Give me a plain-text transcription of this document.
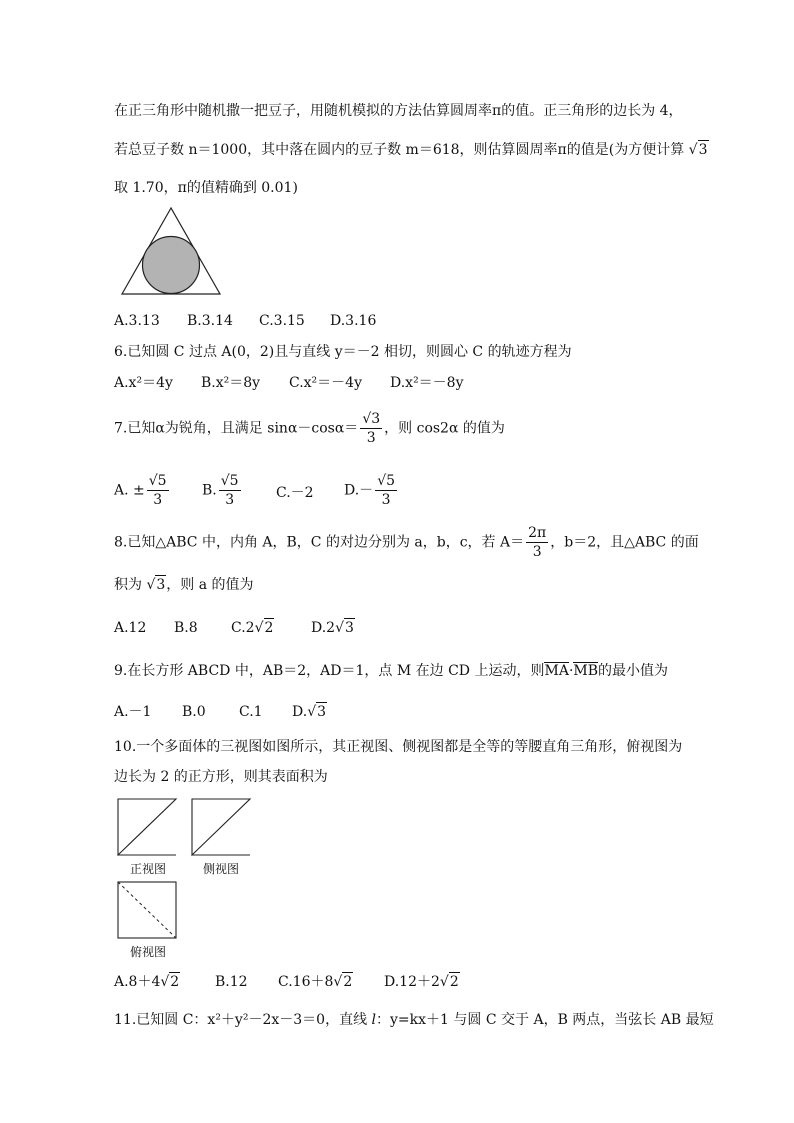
在正三角形中随机撒一把豆子，用随机模拟的方法估算圆周率π的值。正三角形的边长为 4，
若总豆子数 n＝1000，其中落在圆内的豆子数 m＝618，则估算圆周率π的值是(为方便计算 √3
取 1.70，π的值精确到 0.01)
A.3.13 B.3.14 C.3.15 D.3.16
6.已知圆 C 过点 A(0，2)且与直线 y＝－2 相切，则圆心 C 的轨迹方程为
A.x²＝4y B.x²＝8y C.x²＝－4y D.x²＝－8y
7.已知α为锐角，且满足 $\sin\alpha-\cos\alpha= \frac{√3}{3}$ ，则 cos2α 的值为
A. ± $\frac{√5}{3} B$. $\frac{√5}{3}$	C.－2 $D.- \frac{√5}{3}$
8.已知△ABC 中，内角 A，B，C 的对边分别为 a，b，c，若 $A= \frac{2\pi}{3}$ ，b＝2，且△ABC 的面
积为 √3，则 a 的值为
A.12 B.8 C.2√2	D.2√3
9.在长方形 ABCD 中，AB＝2，AD＝1，点 M 在边 CD 上运动，则MA·MB的最小值为
A.－1 B.0 C.1 D.√3
10.一个多面体的三视图如图所示，其正视图、侧视图都是全等的等腰直角三角形，俯视图为
边长为 2 的正方形，则其表面积为
正视图	侧视图
俯视图
A.8＋4√2	B.12 C.16＋8√2 D.12＋2√2
11.已知圆 C：x²＋y²－2x－3＝0，直线 l：y=kx＋1 与圆 C 交于 A，B 两点，当弦长 AB 最短
